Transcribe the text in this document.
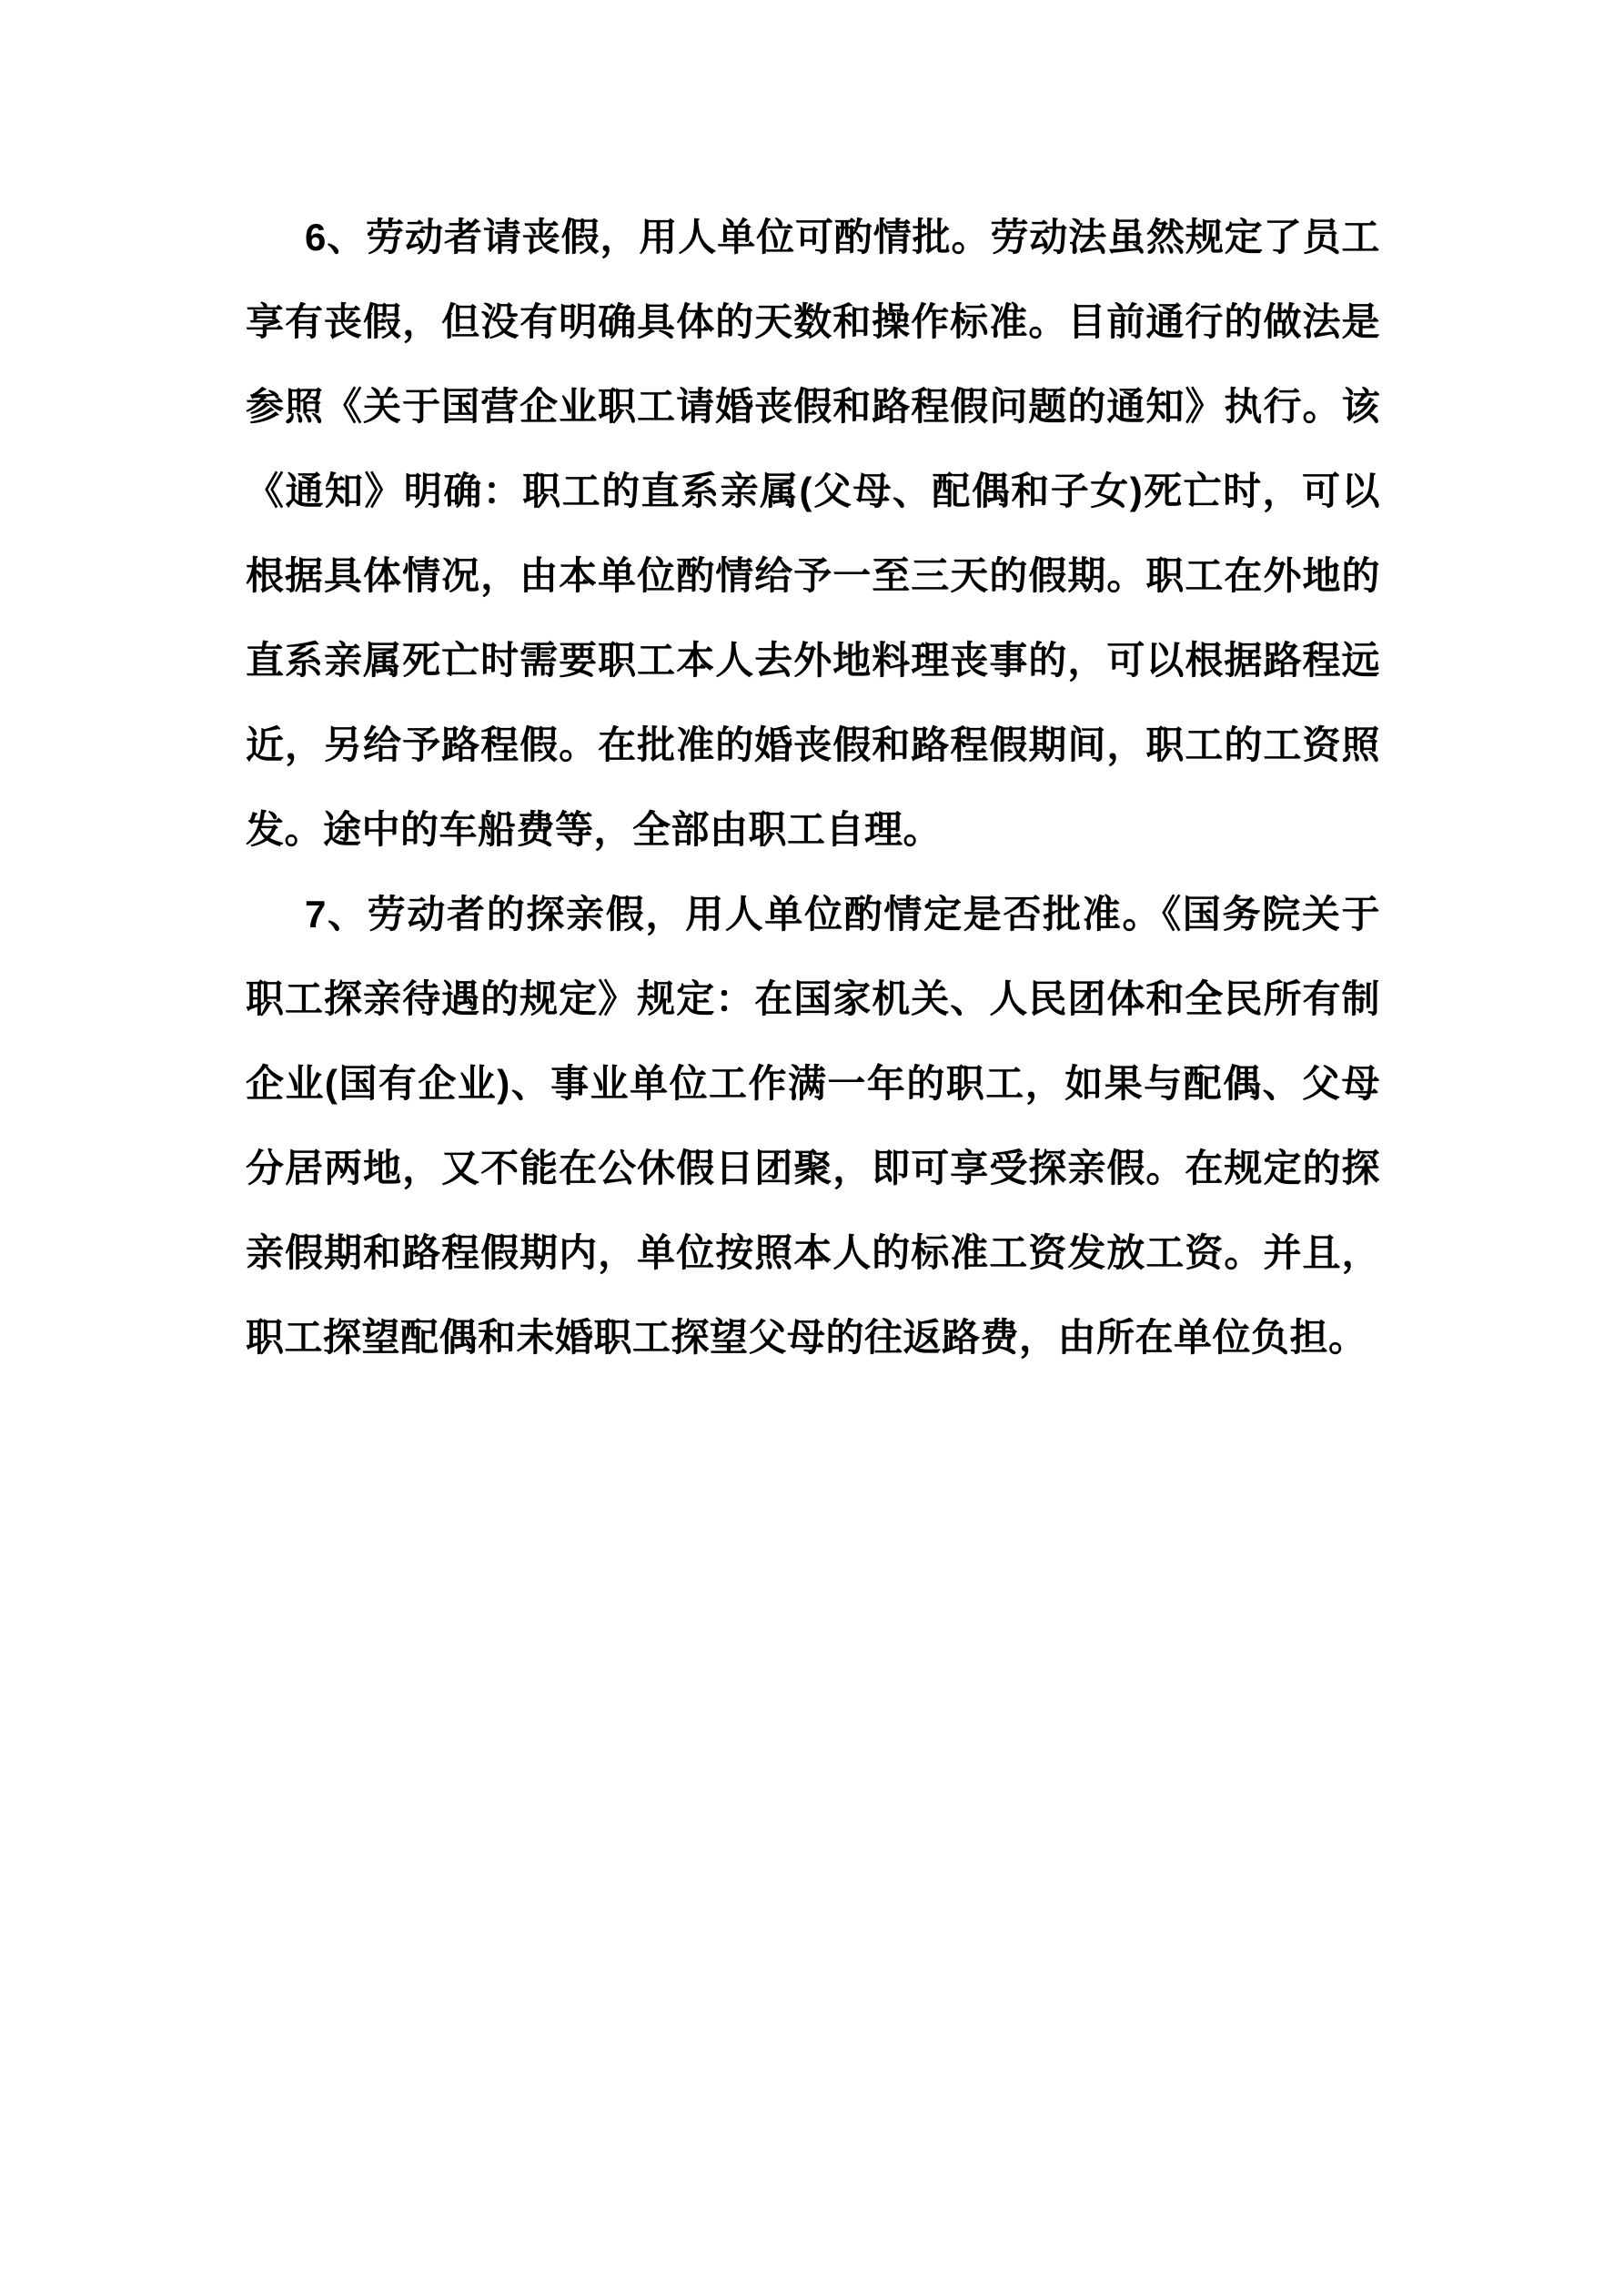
6、劳动者请丧假，用人单位可酌情批。劳动法虽然规定了员工享有丧假，但没有明确具体的天数和操作标准。目前通行的做法是参照《关于国营企业职工请婚丧假和路程假问题的通知》执行。该《通知》明确：职工的直系亲属(父母、配偶和子女)死亡时，可以根据具体情况，由本单位酌情给予一至三天的假期。职工在外地的直系亲属死亡时需要职工本人去外地料理丧事的，可以根据路程远近，另给予路程假。在批准的婚丧假和路程假期间，职工的工资照发。途中的车船费等，全部由职工自理。

7、劳动者的探亲假，用人单位酌情定是否批准。《国务院关于职工探亲待遇的规定》规定：在国家机关、人民团体和全民所有制企业(国有企业)、事业单位工作满一年的职工，如果与配偶、父母分居两地，又不能在公休假日团聚，即可享受探亲假。在规定的探亲假期和路程假期内，单位按照本人的标准工资发放工资。并且，职工探望配偶和未婚职工探望父母的往返路费，由所在单位负担。
